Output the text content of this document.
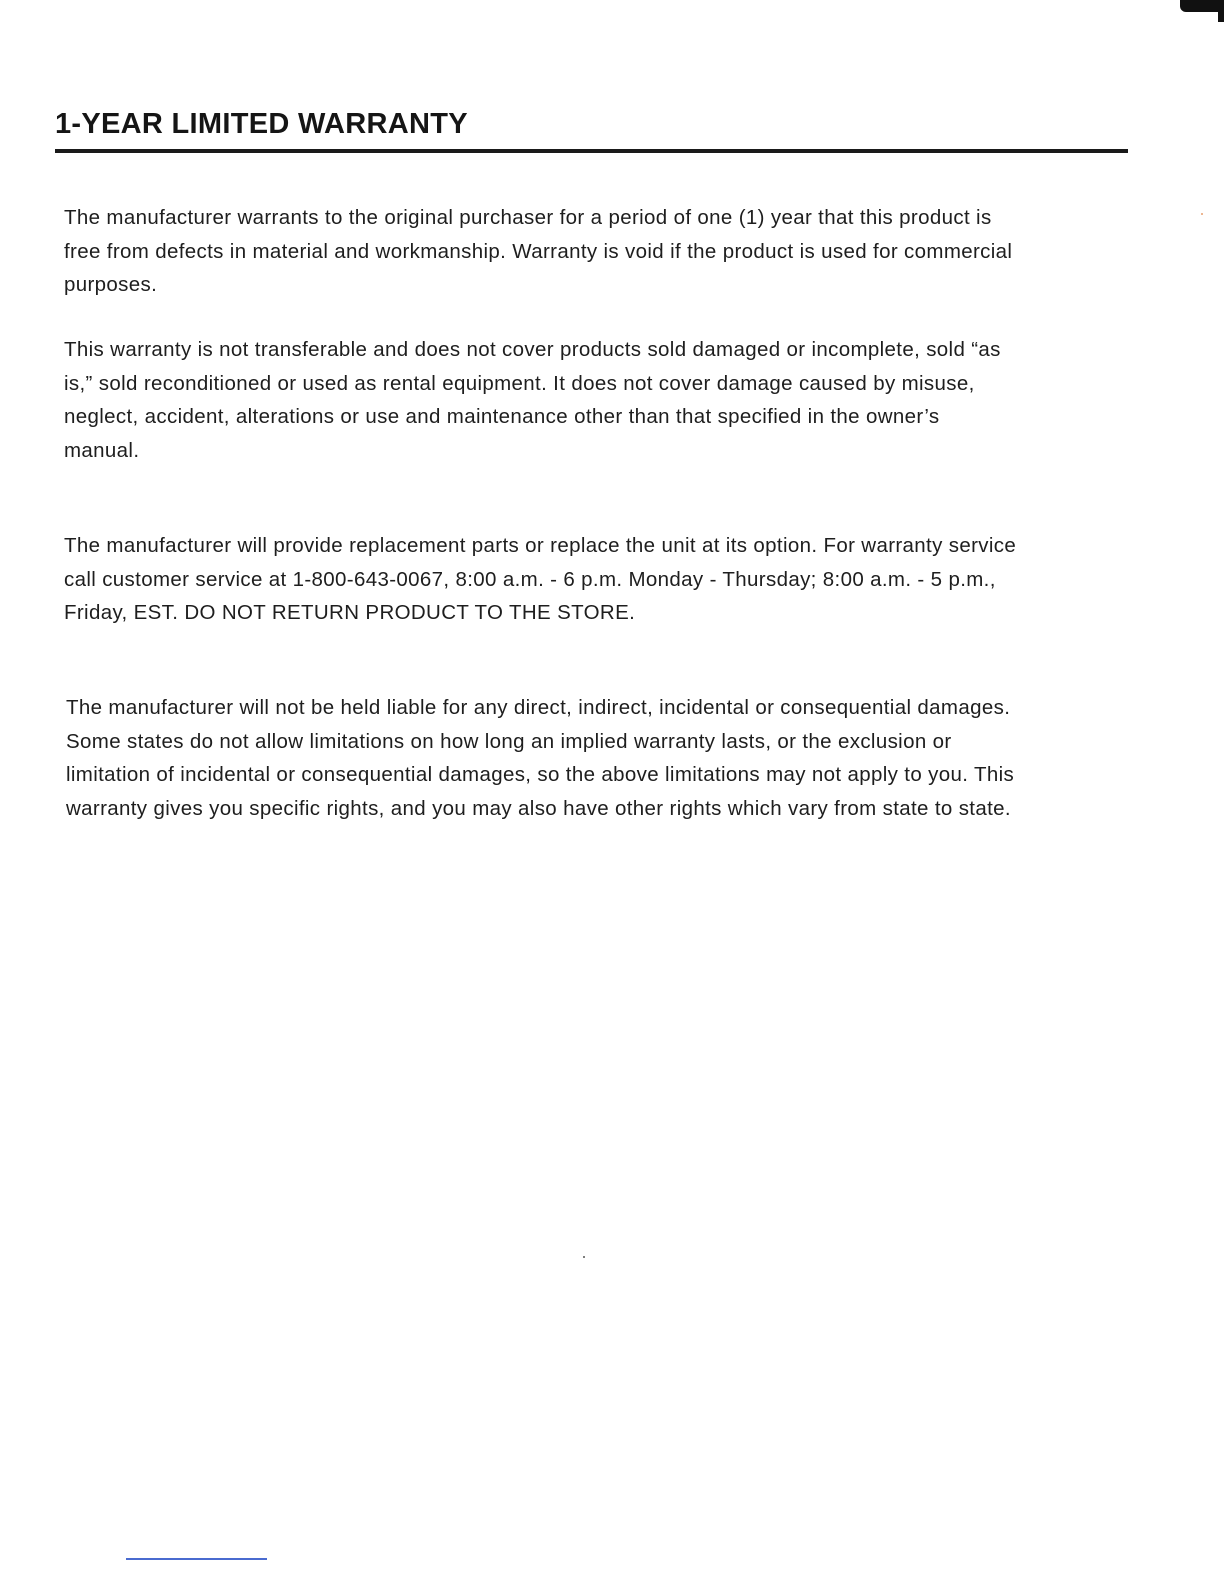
1-YEAR LIMITED WARRANTY

The manufacturer warrants to the original purchaser for a period of one (1) year that this product is
free from defects in material and workmanship. Warranty is void if the product is used for commercial
purposes.

This warranty is not transferable and does not cover products sold damaged or incomplete, sold “as
is,” sold reconditioned or used as rental equipment. It does not cover damage caused by misuse,
neglect, accident, alterations or use and maintenance other than that specified in the owner’s
manual.

The manufacturer will provide replacement parts or replace the unit at its option. For warranty service
call customer service at 1-800-643-0067, 8:00 a.m. - 6 p.m. Monday - Thursday; 8:00 a.m. - 5 p.m.,
Friday, EST. DO NOT RETURN PRODUCT TO THE STORE.

The manufacturer will not be held liable for any direct, indirect, incidental or consequential damages.
Some states do not allow limitations on how long an implied warranty lasts, or the exclusion or
limitation of incidental or consequential damages, so the above limitations may not apply to you. This
warranty gives you specific rights, and you may also have other rights which vary from state to state.
